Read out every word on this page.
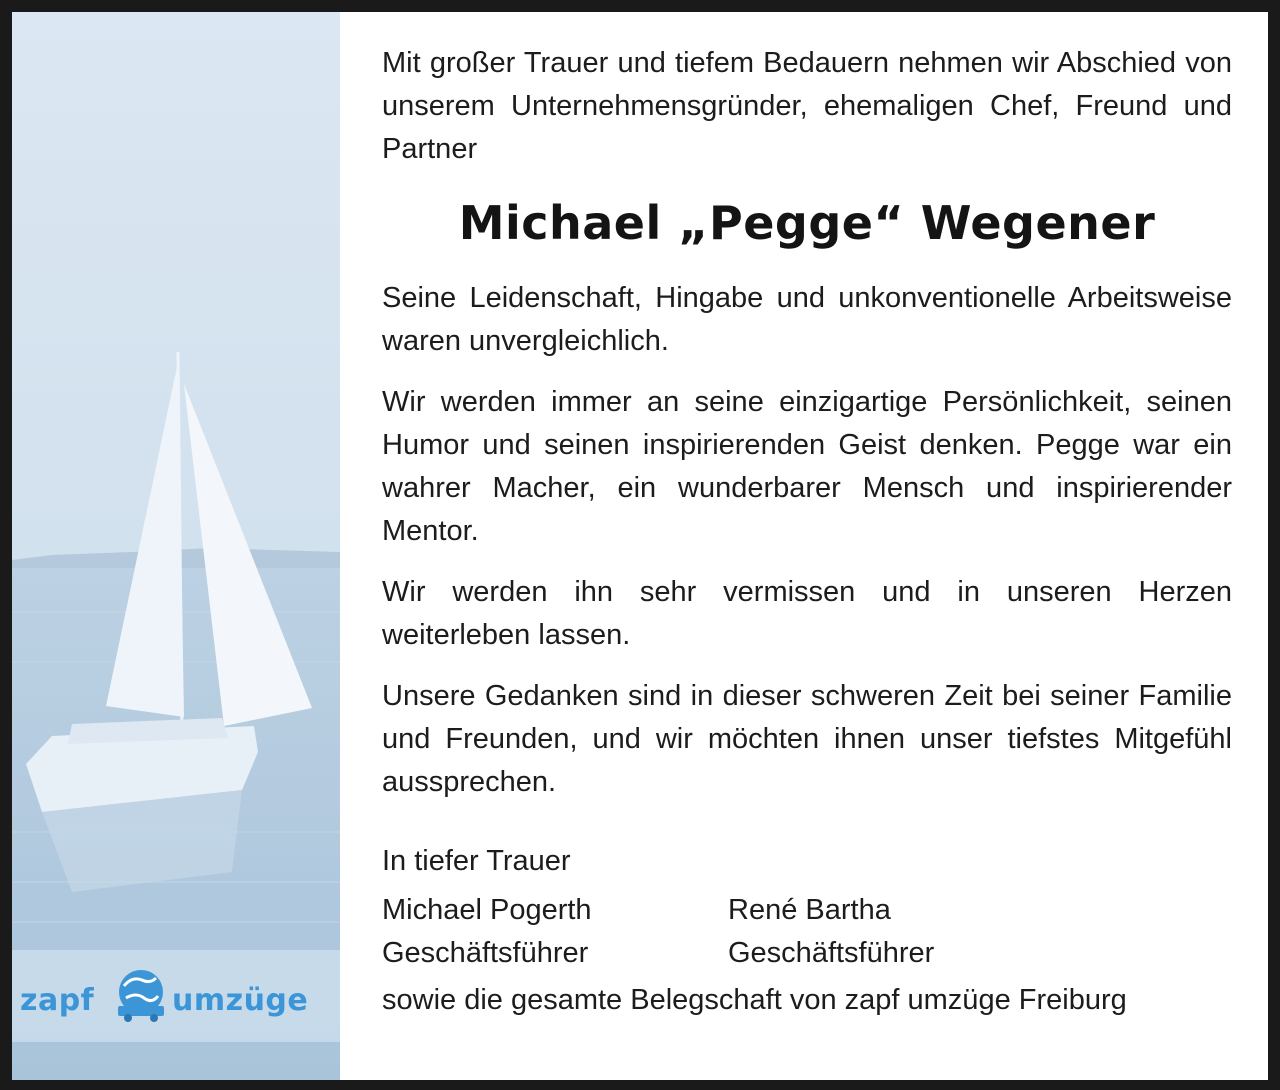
zapf	umzüge

Mit großer Trauer und tiefem Bedauern nehmen wir Abschied von unserem Unternehmensgründer, ehemaligen Chef, Freund und Partner

Michael „Pegge“ Wegener

Seine Leidenschaft, Hingabe und unkonventionelle Arbeitsweise waren unvergleichlich.

Wir werden immer an seine einzigartige Persönlichkeit, seinen Humor und seinen inspirierenden Geist denken. Pegge war ein wahrer Macher, ein wunderbarer Mensch und inspirierender Mentor.

Wir werden ihn sehr vermissen und in unseren Herzen weiterleben lassen.

Unsere Gedanken sind in dieser schweren Zeit bei seiner Familie und Freunden, und wir möchten ihnen unser tiefstes Mitgefühl aussprechen.

In tiefer Trauer

Michael Pogerth
Geschäftsführer
René Bartha
Geschäftsführer

sowie die gesamte Belegschaft von zapf umzüge Freiburg
